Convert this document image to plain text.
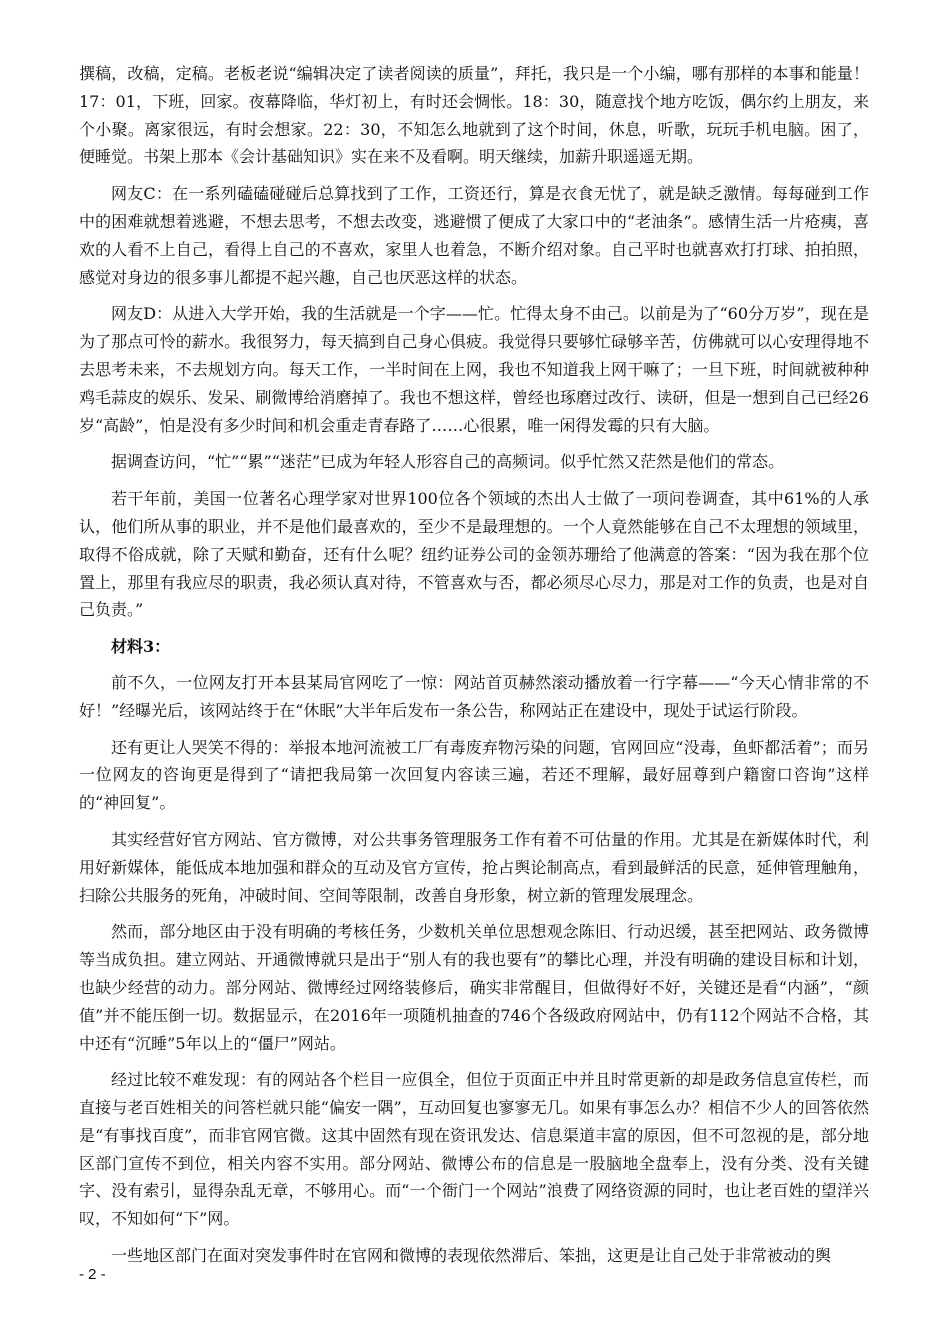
撰稿，改稿，定稿。老板老说“编辑决定了读者阅读的质量”，拜托，我只是一个小编，哪有那样的本事和能量！17：01，下班，回家。夜幕降临，华灯初上，有时还会惆怅。18：30，随意找个地方吃饭，偶尔约上朋友，来个小聚。离家很远，有时会想家。22：30，不知怎么地就到了这个时间，休息，听歌，玩玩手机电脑。困了，便睡觉。书架上那本《会计基础知识》实在来不及看啊。明天继续，加薪升职遥遥无期。

网友C：在一系列磕磕碰碰后总算找到了工作，工资还行，算是衣食无忧了，就是缺乏激情。每每碰到工作中的困难就想着逃避，不想去思考，不想去改变，逃避惯了便成了大家口中的“老油条”。感情生活一片疮痍，喜欢的人看不上自己，看得上自己的不喜欢，家里人也着急，不断介绍对象。自己平时也就喜欢打打球、拍拍照，感觉对身边的很多事儿都提不起兴趣，自己也厌恶这样的状态。

网友D：从进入大学开始，我的生活就是一个字——忙。忙得太身不由己。以前是为了“60分万岁”，现在是为了那点可怜的薪水。我很努力，每天搞到自己身心俱疲。我觉得只要够忙碌够辛苦，仿佛就可以心安理得地不去思考未来，不去规划方向。每天工作，一半时间在上网，我也不知道我上网干嘛了；一旦下班，时间就被种种鸡毛蒜皮的娱乐、发呆、刷微博给消磨掉了。我也不想这样，曾经也琢磨过改行、读研，但是一想到自己已经26岁“高龄”，怕是没有多少时间和机会重走青春路了……心很累，唯一闲得发霉的只有大脑。

据调查访问，“忙”“累”“迷茫”已成为年轻人形容自己的高频词。似乎忙然又茫然是他们的常态。

若干年前，美国一位著名心理学家对世界100位各个领域的杰出人士做了一项问卷调查，其中61%的人承认，他们所从事的职业，并不是他们最喜欢的，至少不是最理想的。一个人竟然能够在自己不太理想的领域里，取得不俗成就，除了天赋和勤奋，还有什么呢？纽约证券公司的金领苏珊给了他满意的答案：“因为我在那个位置上，那里有我应尽的职责，我必须认真对待，不管喜欢与否，都必须尽心尽力，那是对工作的负责，也是对自己负责。”

材料3：

前不久，一位网友打开本县某局官网吃了一惊：网站首页赫然滚动播放着一行字幕——“今天心情非常的不好！”经曝光后，该网站终于在“休眠”大半年后发布一条公告，称网站正在建设中，现处于试运行阶段。

还有更让人哭笑不得的：举报本地河流被工厂有毒废弃物污染的问题，官网回应“没毒，鱼虾都活着”；而另一位网友的咨询更是得到了“请把我局第一次回复内容读三遍，若还不理解，最好屈尊到户籍窗口咨询”这样的“神回复”。

其实经营好官方网站、官方微博，对公共事务管理服务工作有着不可估量的作用。尤其是在新媒体时代，利用好新媒体，能低成本地加强和群众的互动及官方宣传，抢占舆论制高点，看到最鲜活的民意，延伸管理触角，扫除公共服务的死角，冲破时间、空间等限制，改善自身形象，树立新的管理发展理念。

然而，部分地区由于没有明确的考核任务，少数机关单位思想观念陈旧、行动迟缓，甚至把网站、政务微博等当成负担。建立网站、开通微博就只是出于“别人有的我也要有”的攀比心理，并没有明确的建设目标和计划，也缺少经营的动力。部分网站、微博经过网络装修后，确实非常醒目，但做得好不好，关键还是看“内涵”，“颜值”并不能压倒一切。数据显示，在2016年一项随机抽查的746个各级政府网站中，仍有112个网站不合格，其中还有“沉睡”5年以上的“僵尸”网站。

经过比较不难发现：有的网站各个栏目一应俱全，但位于页面正中并且时常更新的却是政务信息宣传栏，而直接与老百姓相关的问答栏就只能“偏安一隅”，互动回复也寥寥无几。如果有事怎么办？相信不少人的回答依然是“有事找百度”，而非官网官微。这其中固然有现在资讯发达、信息渠道丰富的原因，但不可忽视的是，部分地区部门宣传不到位，相关内容不实用。部分网站、微博公布的信息是一股脑地全盘奉上，没有分类、没有关键字、没有索引，显得杂乱无章，不够用心。而“一个衙门一个网站”浪费了网络资源的同时，也让老百姓的望洋兴叹，不知如何“下”网。

一些地区部门在面对突发事件时在官网和微博的表现依然滞后、笨拙，这更是让自己处于非常被动的舆

- 2 -
